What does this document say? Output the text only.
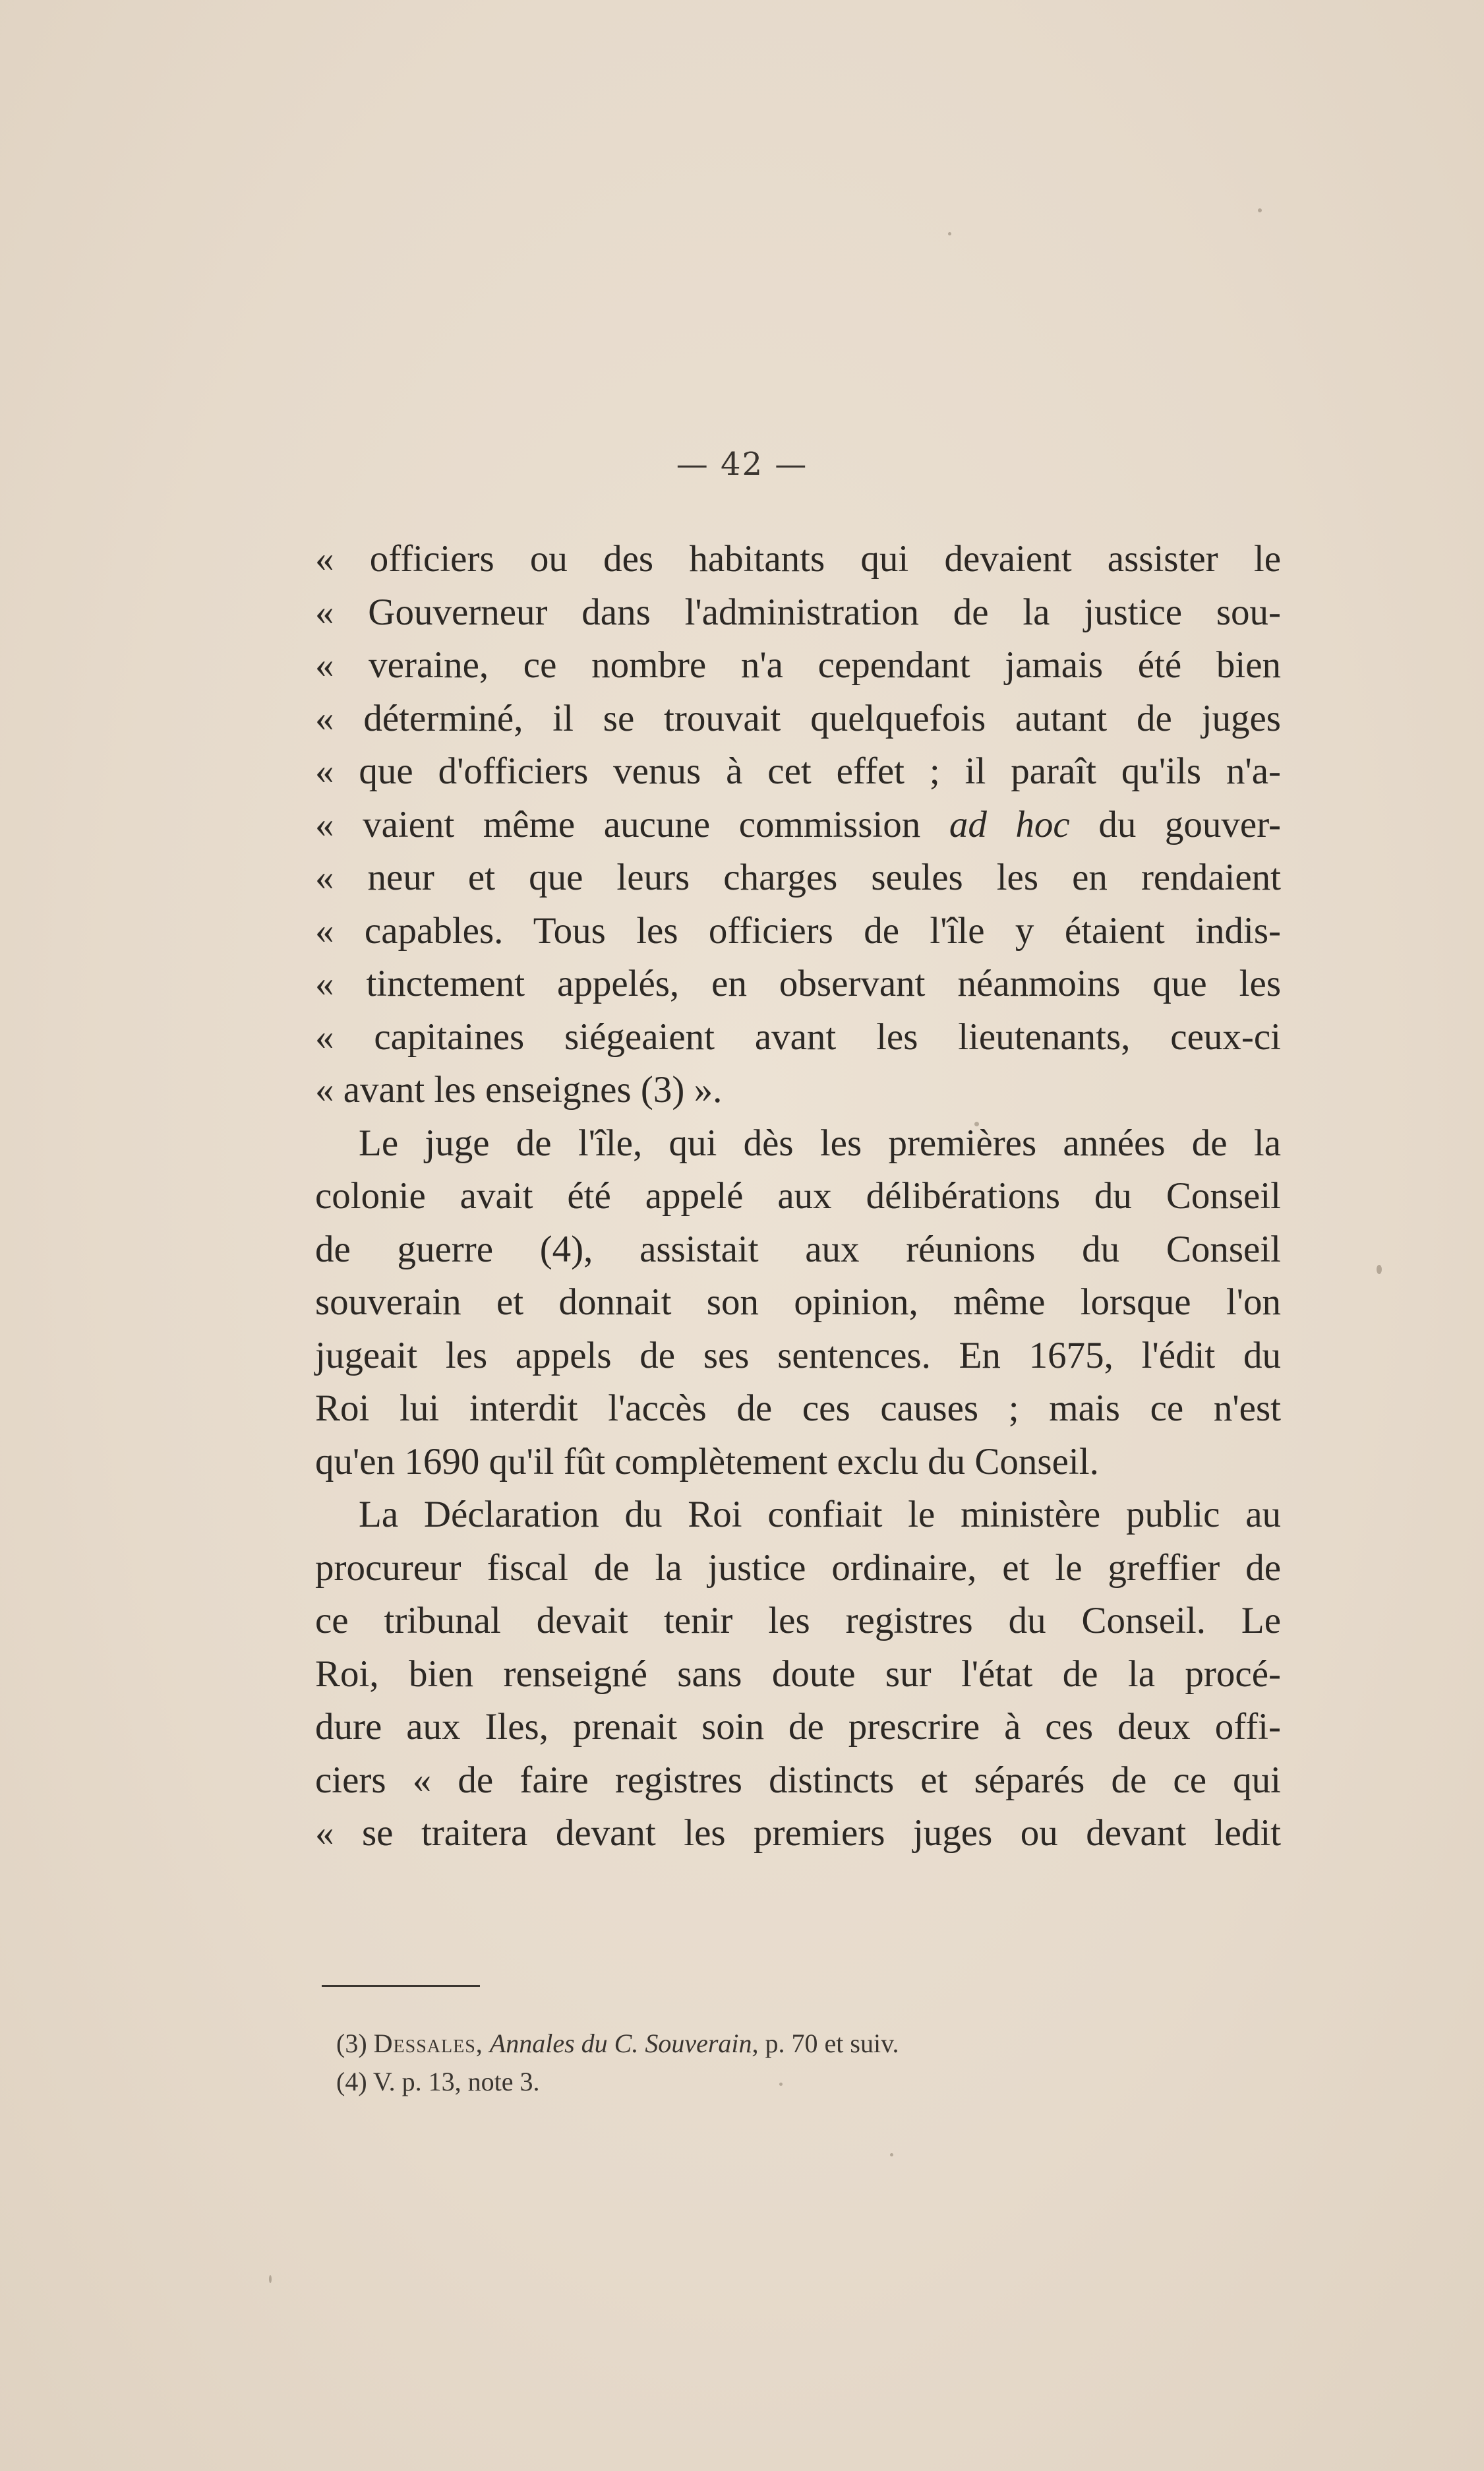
— 42 —
« officiers ou des habitants qui devaient assister le
« Gouverneur dans l'administration de la justice sou-
« veraine, ce nombre n'a cependant jamais été bien
« déterminé, il se trouvait quelquefois autant de juges
« que d'officiers venus à cet effet ; il paraît qu'ils n'a-
« vaient même aucune commission ad hoc du gouver-
« neur et que leurs charges seules les en rendaient
« capables. Tous les officiers de l'île y étaient indis-
« tinctement appelés, en observant néanmoins que les
« capitaines siégeaient avant les lieutenants, ceux-ci
« avant les enseignes (3) ».
Le juge de l'île, qui dès les premières années de la
colonie avait été appelé aux délibérations du Conseil
de guerre (4), assistait aux réunions du Conseil
souverain et donnait son opinion, même lorsque l'on
jugeait les appels de ses sentences. En 1675, l'édit du
Roi lui interdit l'accès de ces causes ; mais ce n'est
qu'en 1690 qu'il fût complètement exclu du Conseil.
La Déclaration du Roi confiait le ministère public au
procureur fiscal de la justice ordinaire, et le greffier de
ce tribunal devait tenir les registres du Conseil. Le
Roi, bien renseigné sans doute sur l'état de la procé-
dure aux Iles, prenait soin de prescrire à ces deux offi-
ciers « de faire registres distincts et séparés de ce qui
« se traitera devant les premiers juges ou devant ledit
(3) Dessales, Annales du C. Souverain, p. 70 et suiv.
(4) V. p. 13, note 3.
